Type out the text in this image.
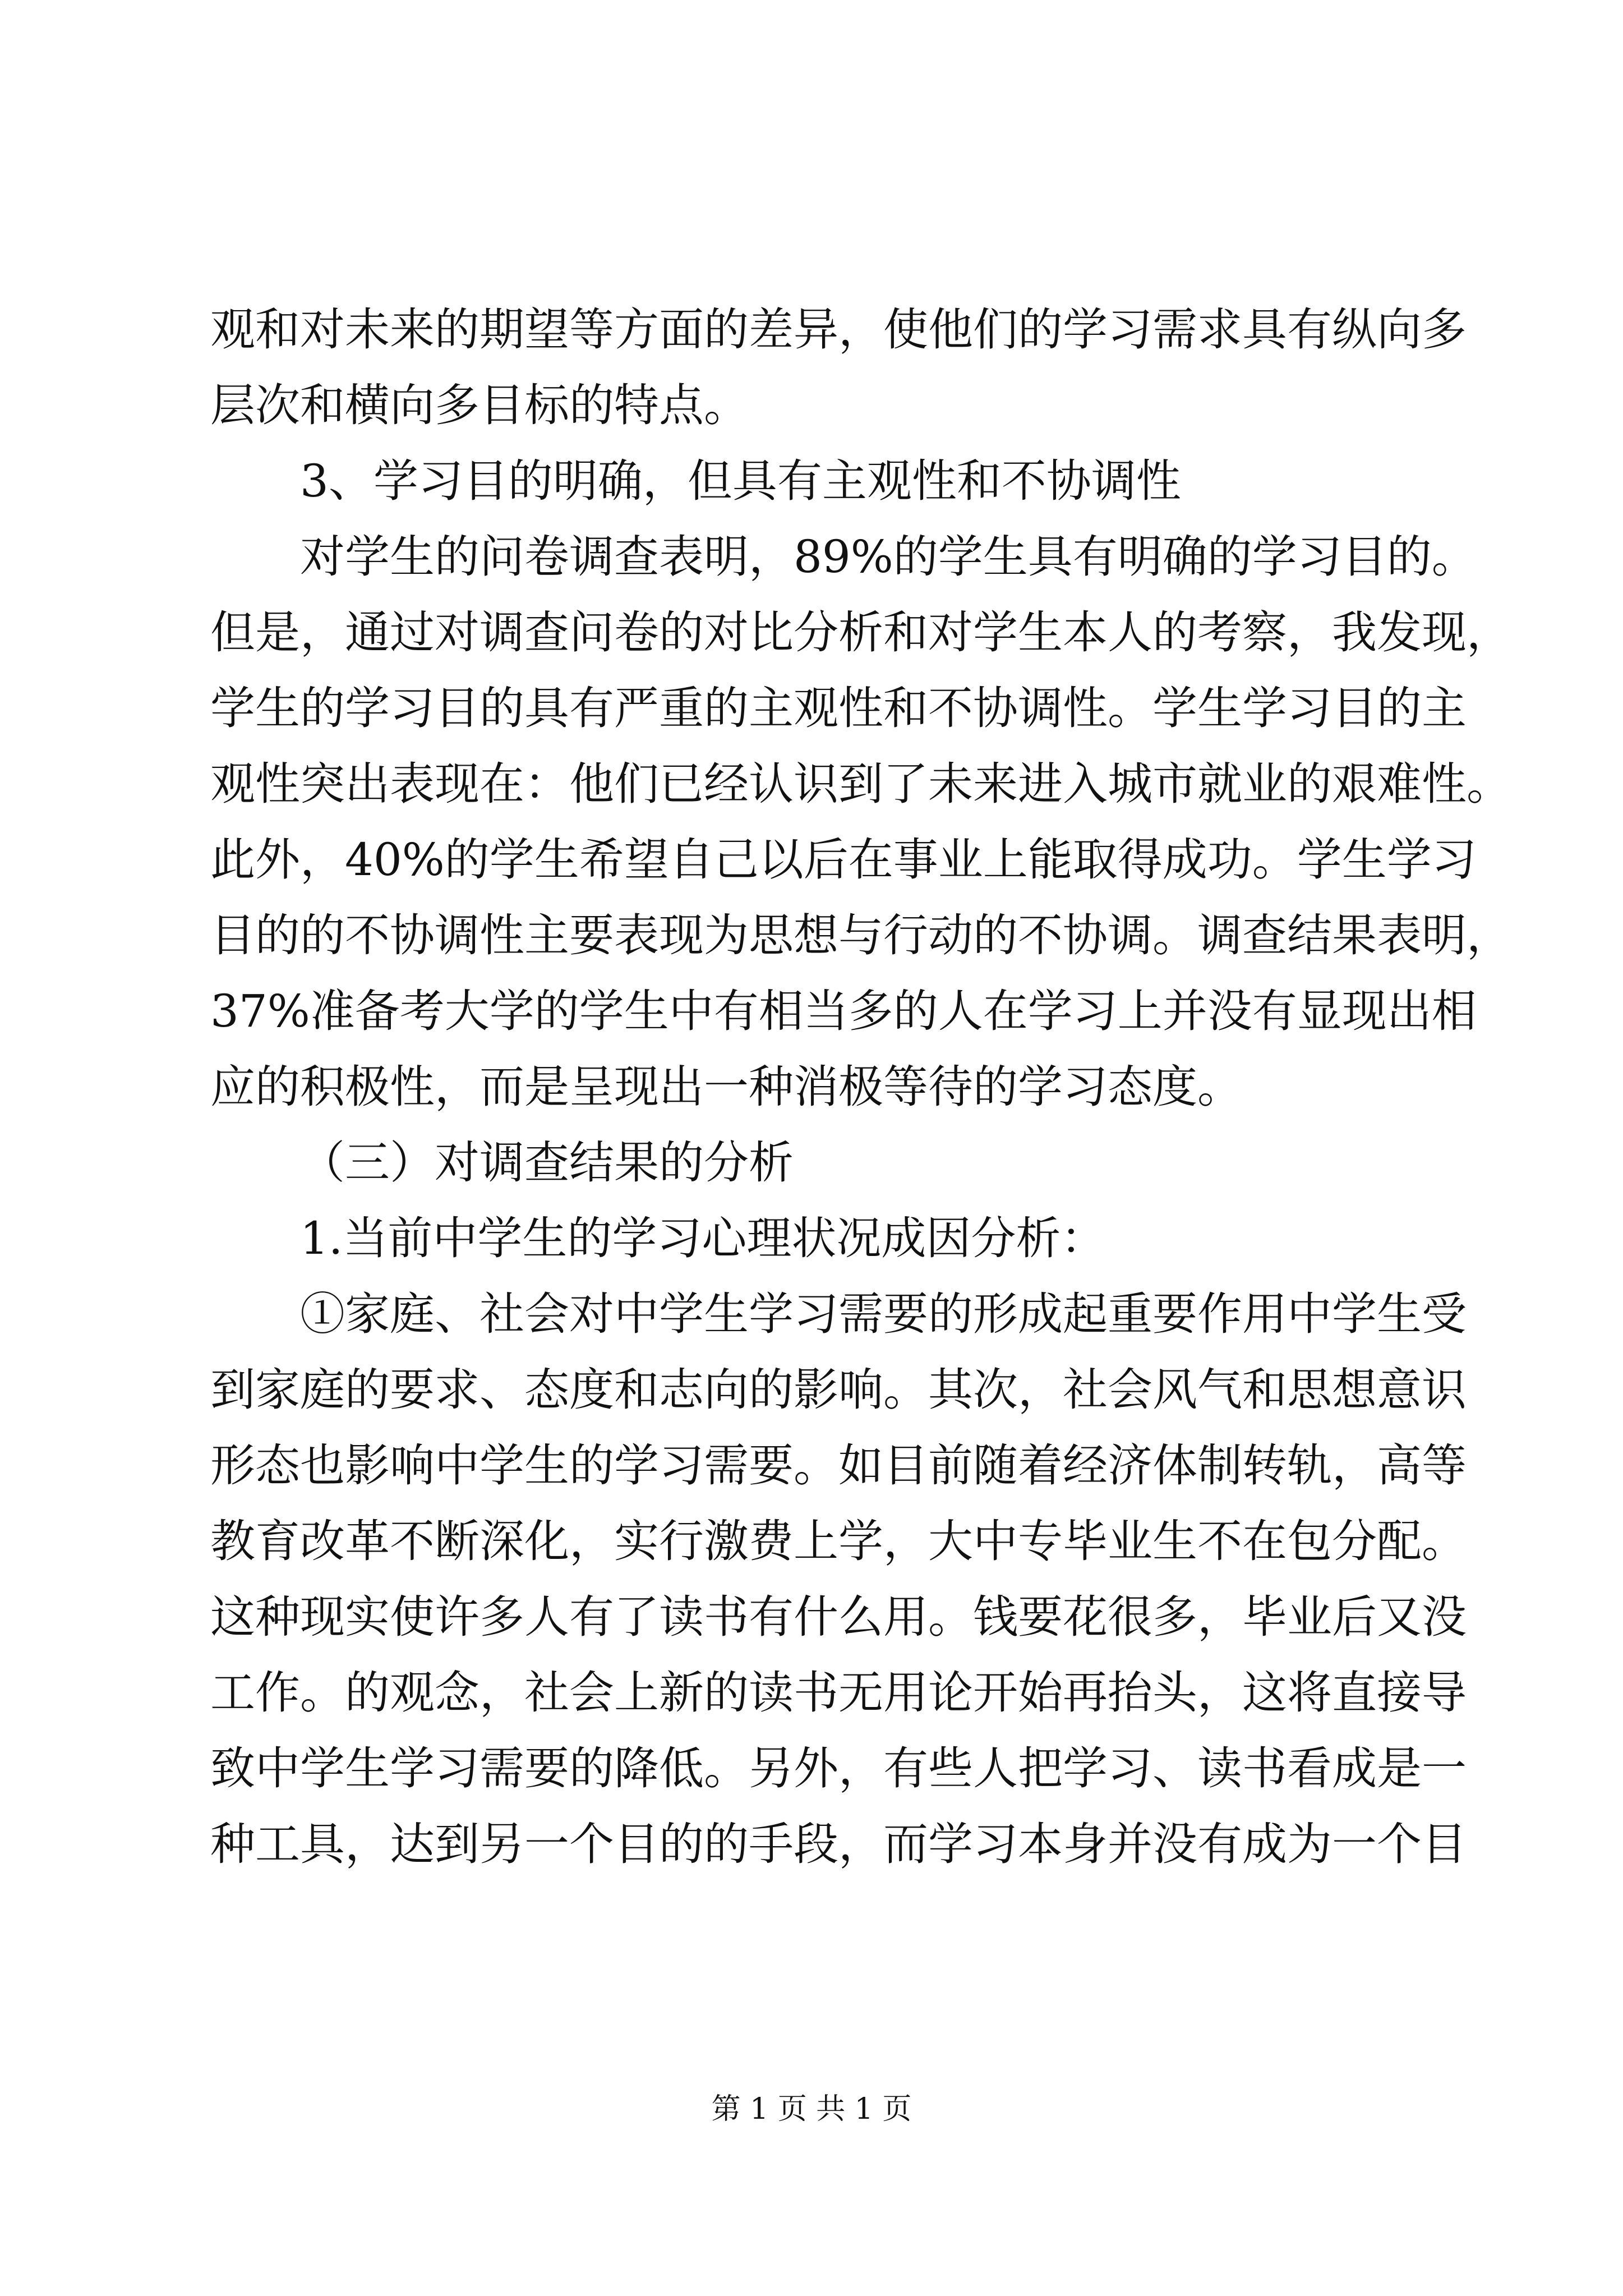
观和对未来的期望等方面的差异，使他们的学习需求具有纵向多
层次和横向多目标的特点。
3、学习目的明确，但具有主观性和不协调性
对学生的问卷调查表明，89%的学生具有明确的学习目的。
但是，通过对调查问卷的对比分析和对学生本人的考察，我发现，
学生的学习目的具有严重的主观性和不协调性。学生学习目的主
观性突出表现在：他们已经认识到了未来进入城市就业的艰难性。
此外，40%的学生希望自己以后在事业上能取得成功。学生学习
目的的不协调性主要表现为思想与行动的不协调。调查结果表明，
37%准备考大学的学生中有相当多的人在学习上并没有显现出相
应的积极性，而是呈现出一种消极等待的学习态度。
（三）对调查结果的分析
1.当前中学生的学习心理状况成因分析：
①家庭、社会对中学生学习需要的形成起重要作用中学生受
到家庭的要求、态度和志向的影响。其次，社会风气和思想意识
形态也影响中学生的学习需要。如目前随着经济体制转轨，高等
教育改革不断深化，实行激费上学，大中专毕业生不在包分配。
这种现实使许多人有了读书有什么用。钱要花很多，毕业后又没
工作。的观念，社会上新的读书无用论开始再抬头，这将直接导
致中学生学习需要的降低。另外，有些人把学习、读书看成是一
种工具，达到另一个目的的手段，而学习本身并没有成为一个目
第 1 页 共 1 页
